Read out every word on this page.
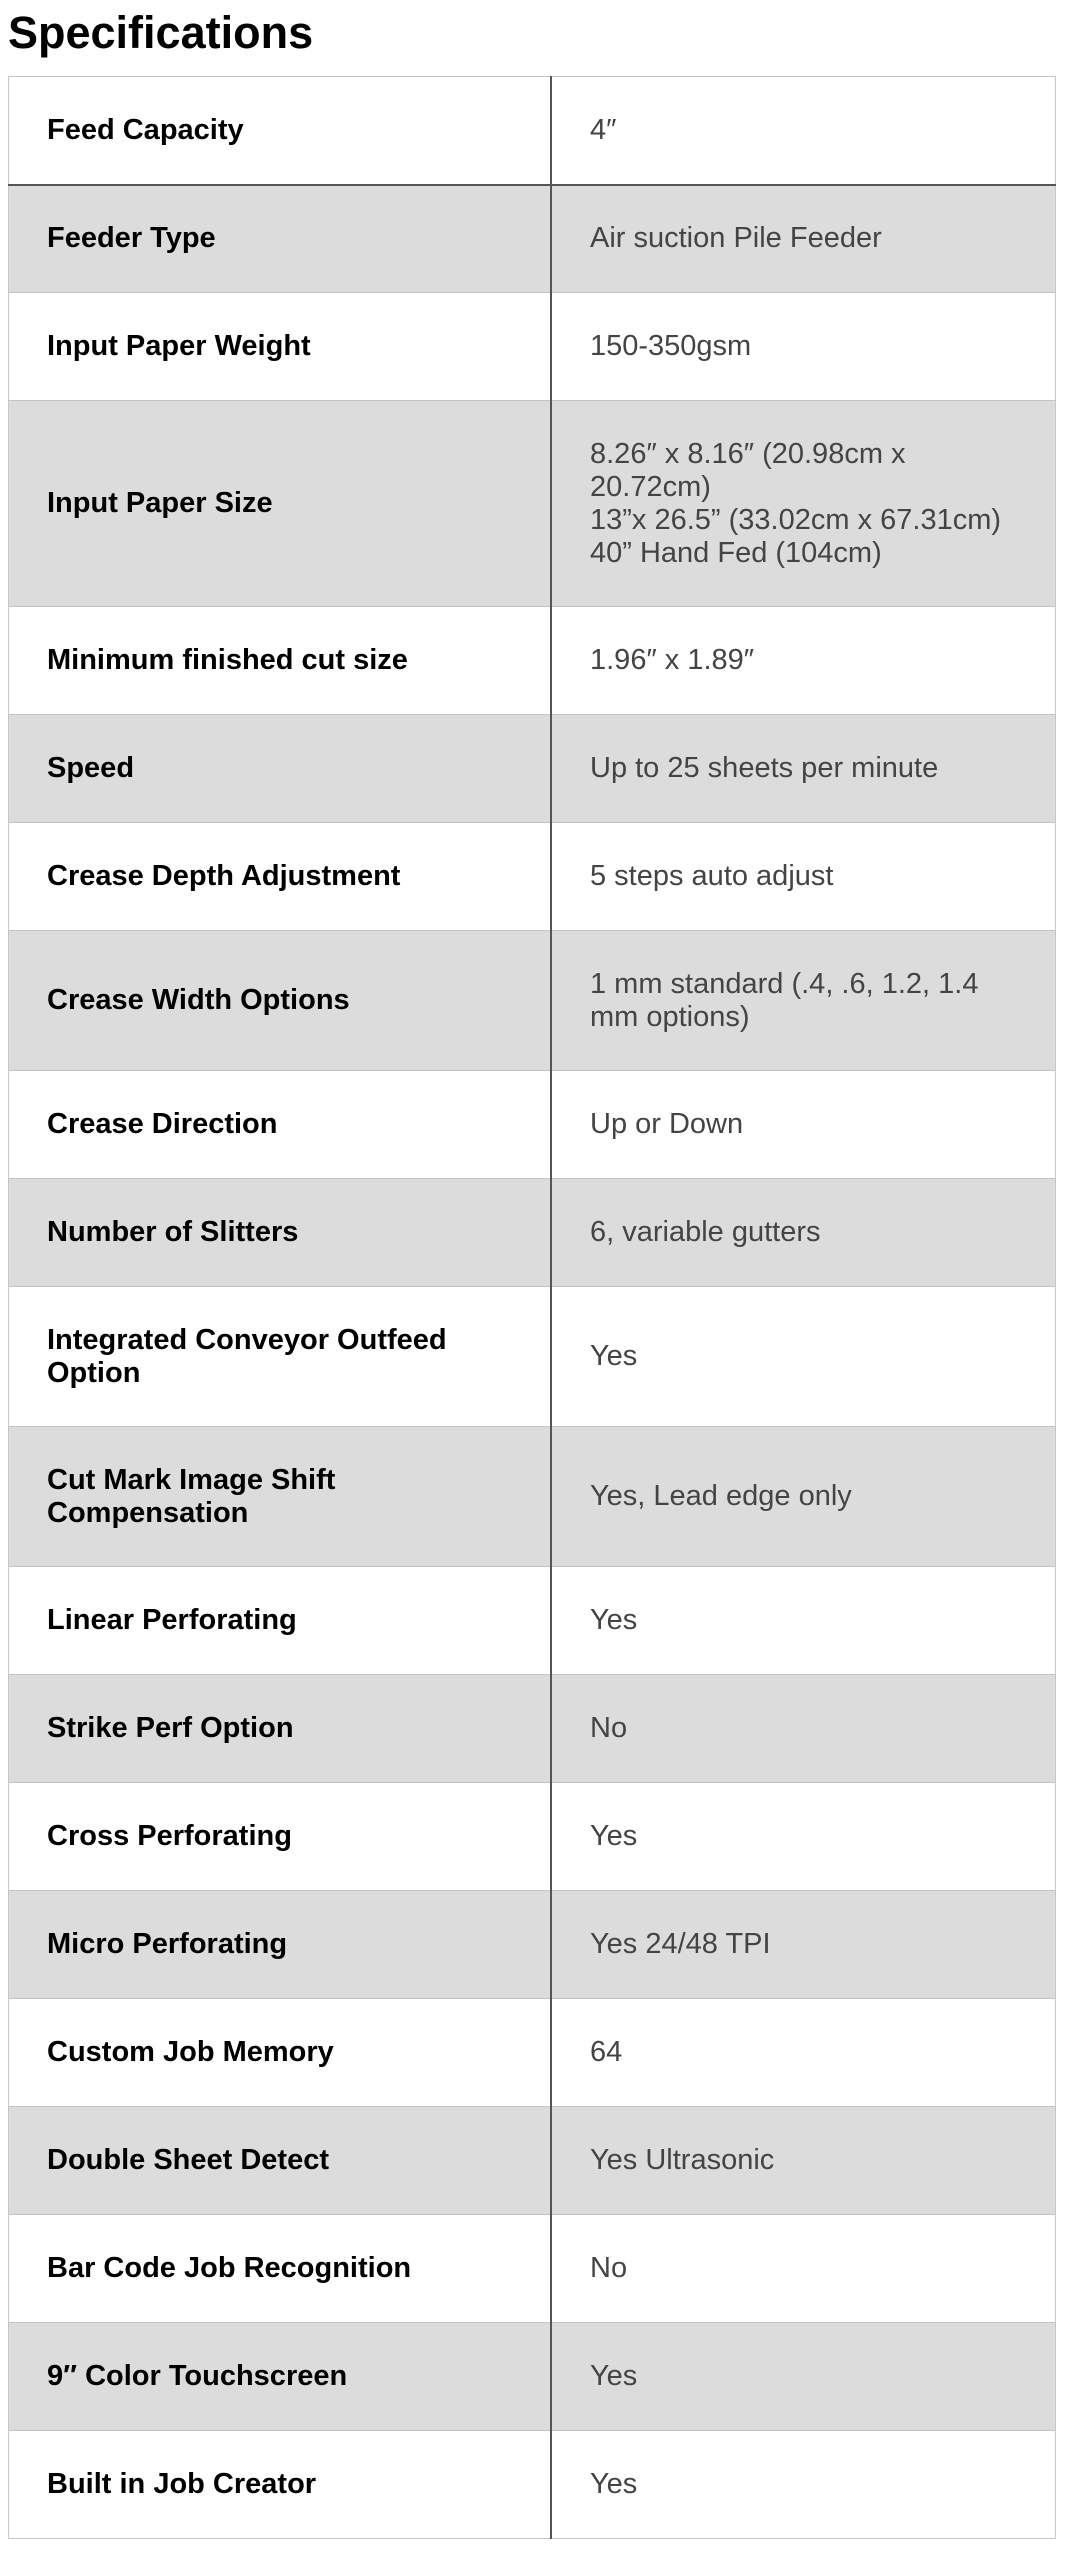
Specifications
Feed Capacity	4″

Feeder Type	Air suction Pile Feeder

Input Paper Weight	150-350gsm

Input Paper Size	8.26″ x 8.16″ (20.98cm x
20.72cm)
13”x 26.5” (33.02cm x 67.31cm)
40” Hand Fed (104cm)

Minimum finished cut size	1.96″ x 1.89″

Speed	Up to 25 sheets per minute

Crease Depth Adjustment	5 steps auto adjust

Crease Width Options	1 mm standard (.4, .6, 1.2, 1.4
mm options)

Crease Direction	Up or Down

Number of Slitters	6, variable gutters

Integrated Conveyor Outfeed Option	Yes

Cut Mark Image Shift Compensation	Yes, Lead edge only

Linear Perforating	Yes

Strike Perf Option	No

Cross Perforating	Yes

Micro Perforating	Yes 24/48 TPI

Custom Job Memory	64

Double Sheet Detect	Yes Ultrasonic

Bar Code Job Recognition	No

9″ Color Touchscreen	Yes

Built in Job Creator	Yes
